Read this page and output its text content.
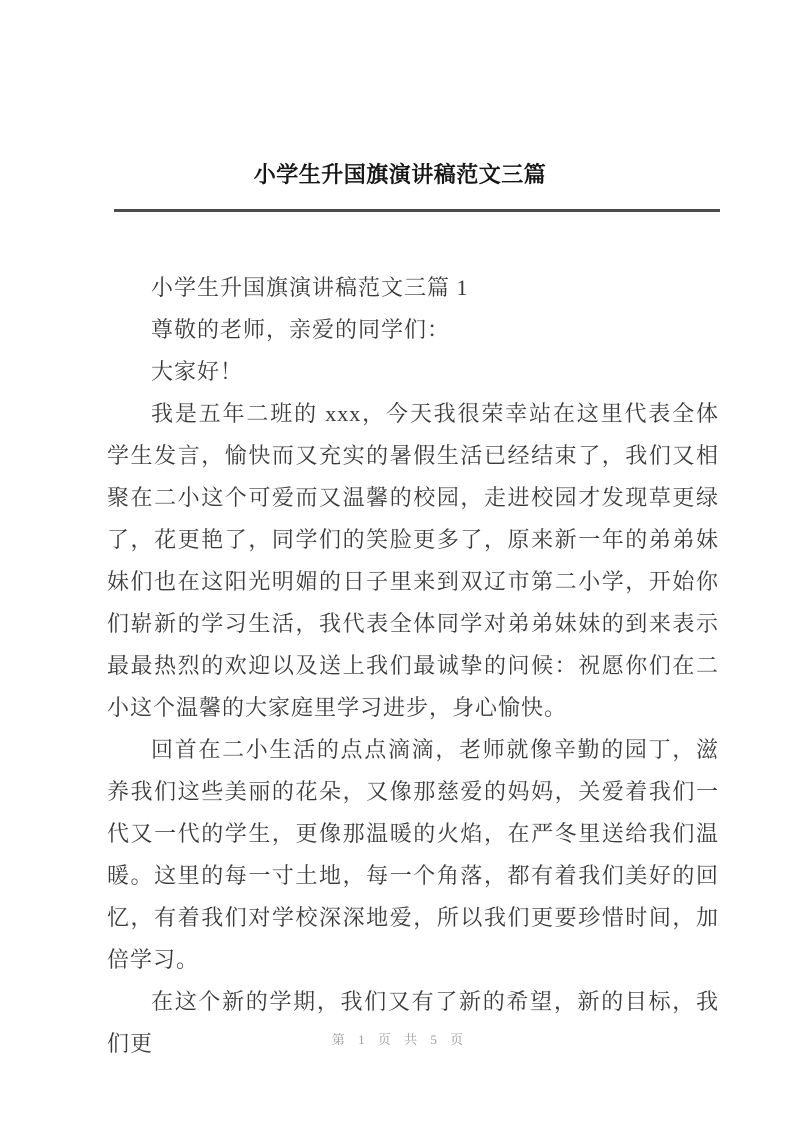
小学生升国旗演讲稿范文三篇

小学生升国旗演讲稿范文三篇 1

尊敬的老师，亲爱的同学们：

大家好！

我是五年二班的 xxx，今天我很荣幸站在这里代表全体学生发言，愉快而又充实的暑假生活已经结束了，我们又相聚在二小这个可爱而又温馨的校园，走进校园才发现草更绿了，花更艳了，同学们的笑脸更多了，原来新一年的弟弟妹妹们也在这阳光明媚的日子里来到双辽市第二小学，开始你们崭新的学习生活，我代表全体同学对弟弟妹妹的到来表示最最热烈的欢迎以及送上我们最诚挚的问候：祝愿你们在二小这个温馨的大家庭里学习进步，身心愉快。

回首在二小生活的点点滴滴，老师就像辛勤的园丁，滋养我们这些美丽的花朵，又像那慈爱的妈妈，关爱着我们一代又一代的学生，更像那温暖的火焰，在严冬里送给我们温暖。这里的每一寸土地，每一个角落，都有着我们美好的回忆，有着我们对学校深深地爱，所以我们更要珍惜时间，加倍学习。

在这个新的学期，我们又有了新的希望，新的目标，我们更	第 1 页 共 5 页
